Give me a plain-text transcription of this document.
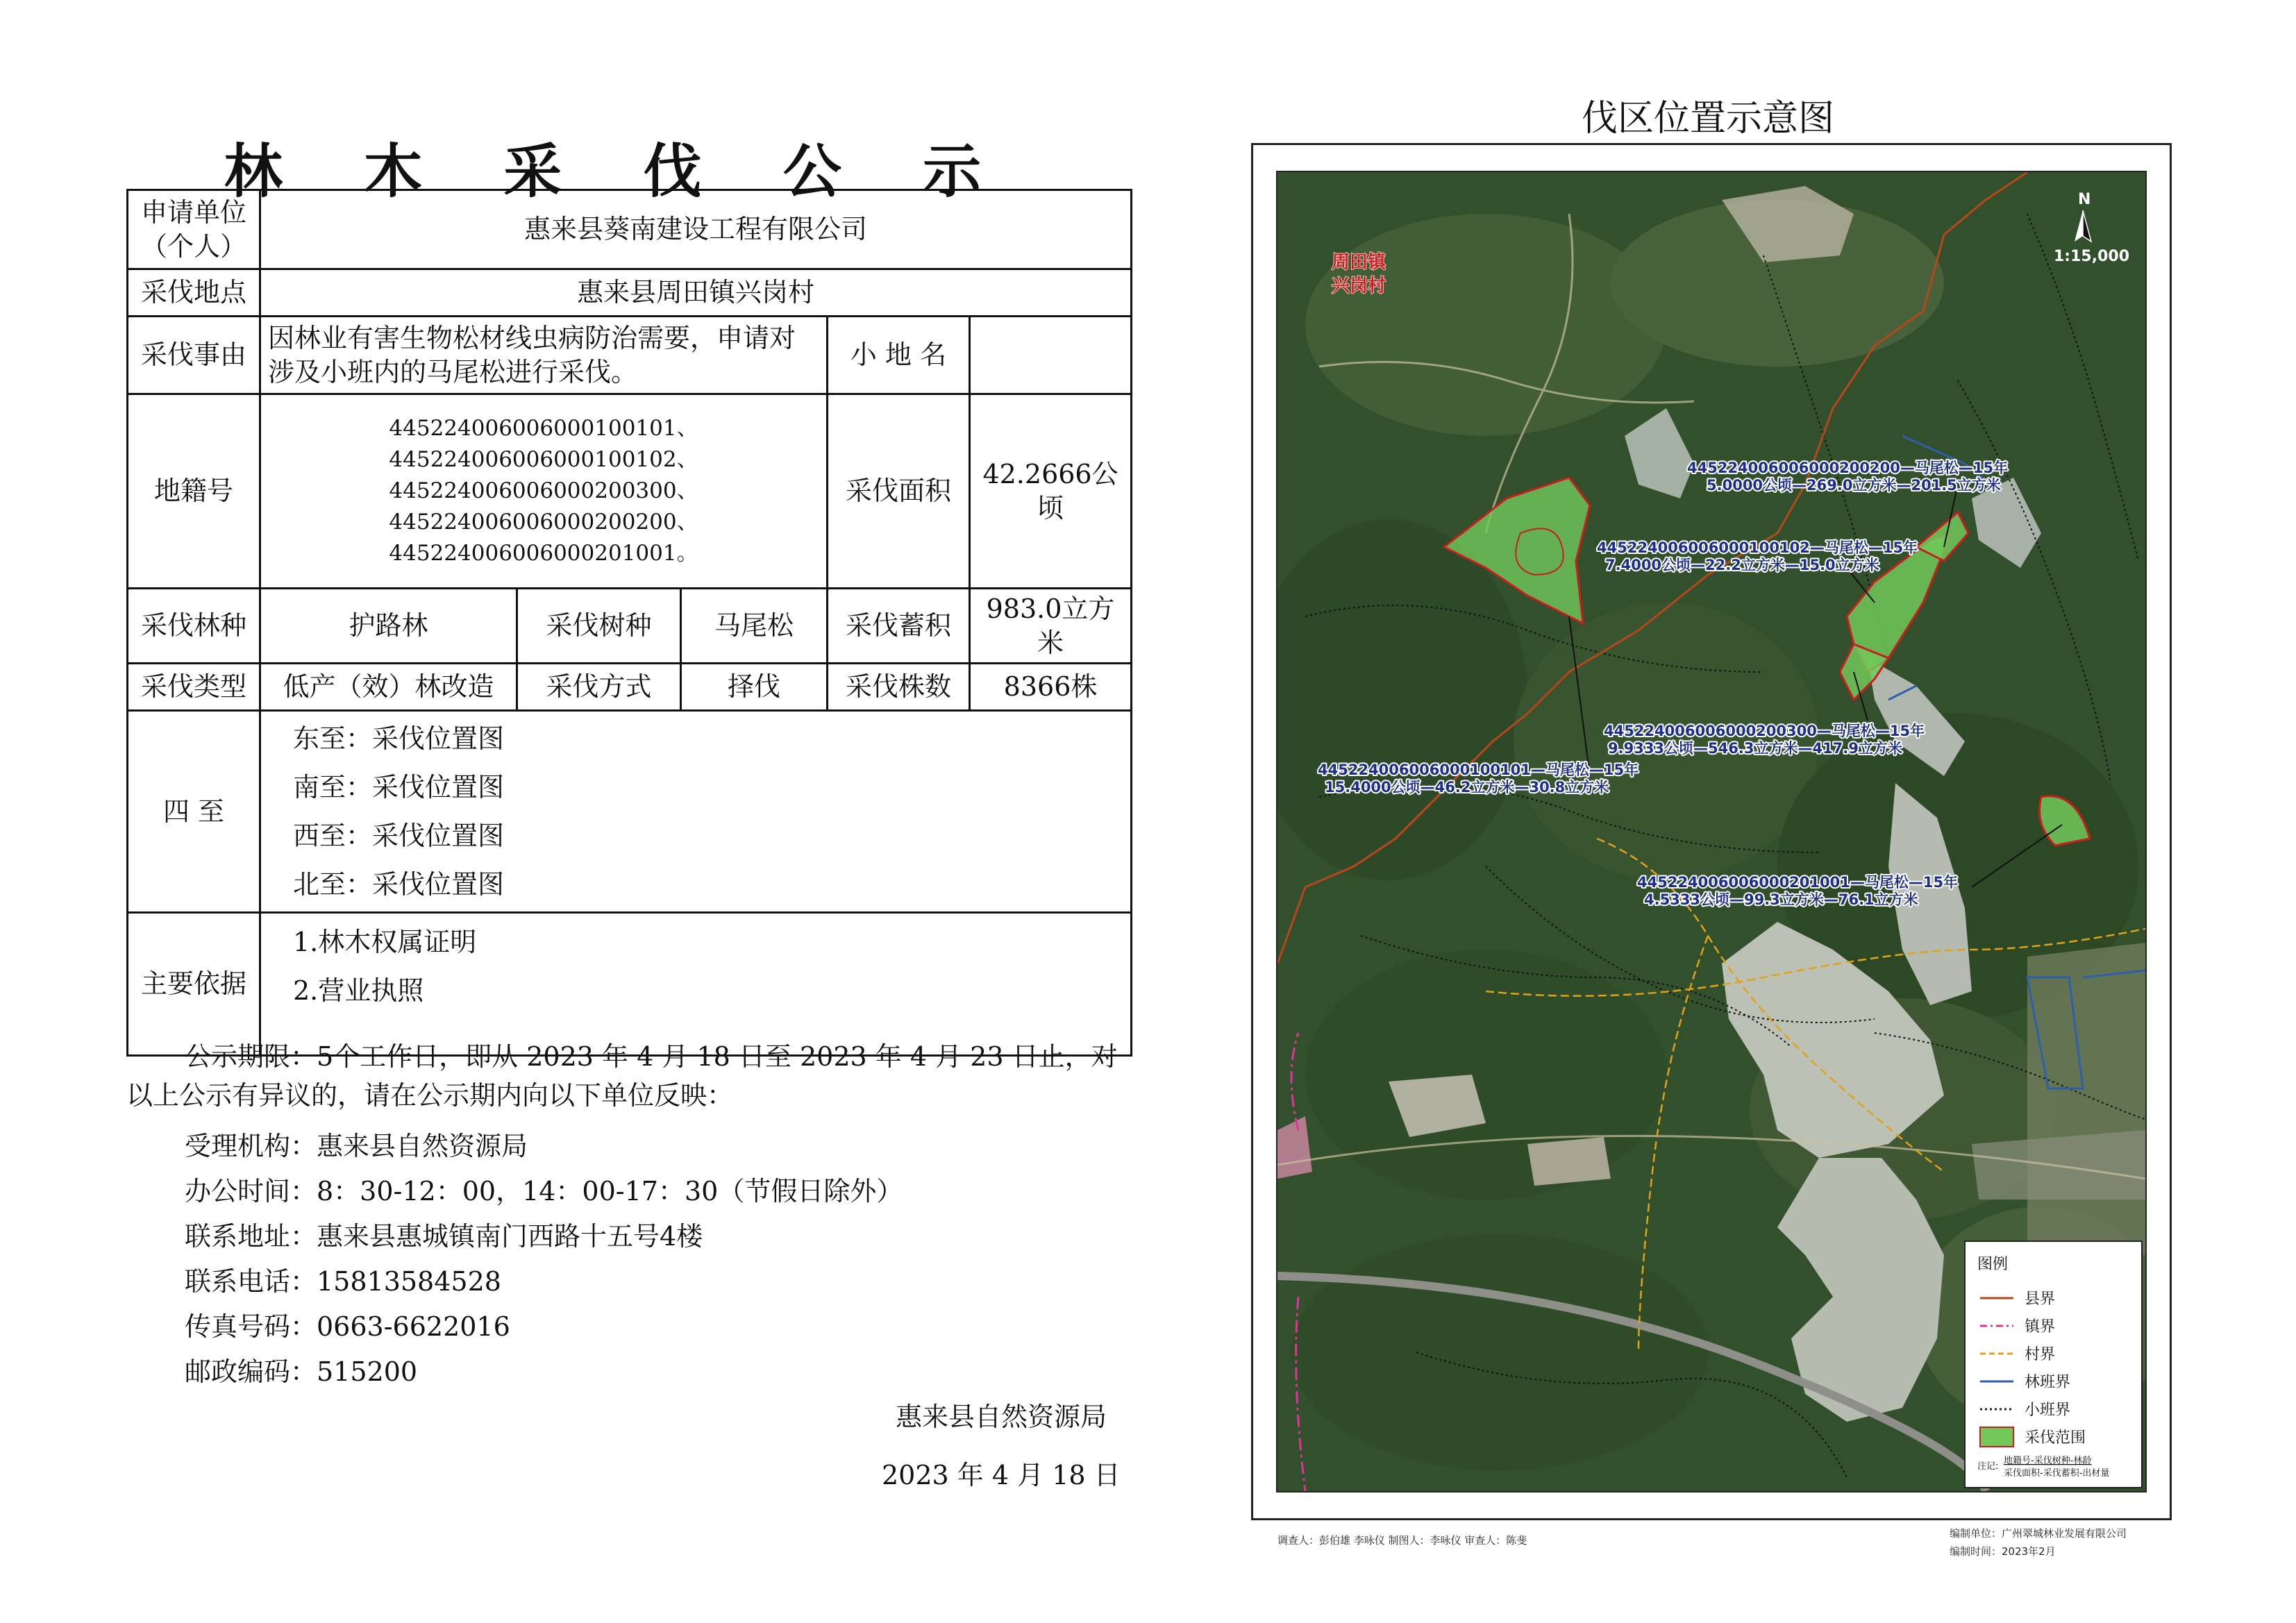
林 木 采 伐 公 示
申请单位（个人）	惠来县葵南建设工程有限公司				
采伐地点	惠来县周田镇兴岗村				
采伐事由	因林业有害生物松材线虫病防治需要，申请对涉及小班内的马尾松进行采伐。			小 地 名	
地籍号	445224006006000100101、445224006006000100102、445224006006000200300、445224006006000200200、445224006006000201001。			采伐面积	42.2666公顷
采伐林种	护路林	采伐树种	马尾松	采伐蓄积	983.0立方米
采伐类型	低产（效）林改造	采伐方式	择伐	采伐株数	8366株
四 至	东至：采伐位置图
南至：采伐位置图
西至：采伐位置图
北至：采伐位置图				

主要依据	1.林木权属证明
2.营业执照				
公示期限：5个工作日，即从 2023 年 4 月 18 日至 2023 年 4 月 23 日止，对以上公示有异议的，请在公示期内向以下单位反映：
受理机构：惠来县自然资源局
办公时间：8：30-12：00，14：00-17：30（节假日除外）
联系地址：惠来县惠城镇南门西路十五号4楼
联系电话：15813584528
传真号码：0663-6622016
邮政编码：515200
惠来县自然资源局
2023 年 4 月 18 日
伐区位置示意图
445224006006000200200—马尾松—15年
5.0000公顷—269.0立方米—201.5立方米
445224006006000100102—马尾松—15年
7.4000公顷—22.2立方米—15.0立方米
445224006006000200300—马尾松—15年
9.9333公顷—546.3立方米—417.9立方米
445224006006000100101—马尾松—15年
15.4000公顷—46.2立方米—30.8立方米
445224006006000201001—马尾松—15年
4.5333公顷—99.3立方米—76.1立方米
周田镇
兴岗村
N
1:15,000
图例
县界
镇界
村界
林班界
小班界
采伐范围
注记:
地籍号-采伐树种-林龄
采伐面积-采伐蓄积-出材量
调查人：彭伯雄 李咏仪 制图人：李咏仪 审查人：陈斐
编制单位：广州翠城林业发展有限公司
编制时间：2023年2月
